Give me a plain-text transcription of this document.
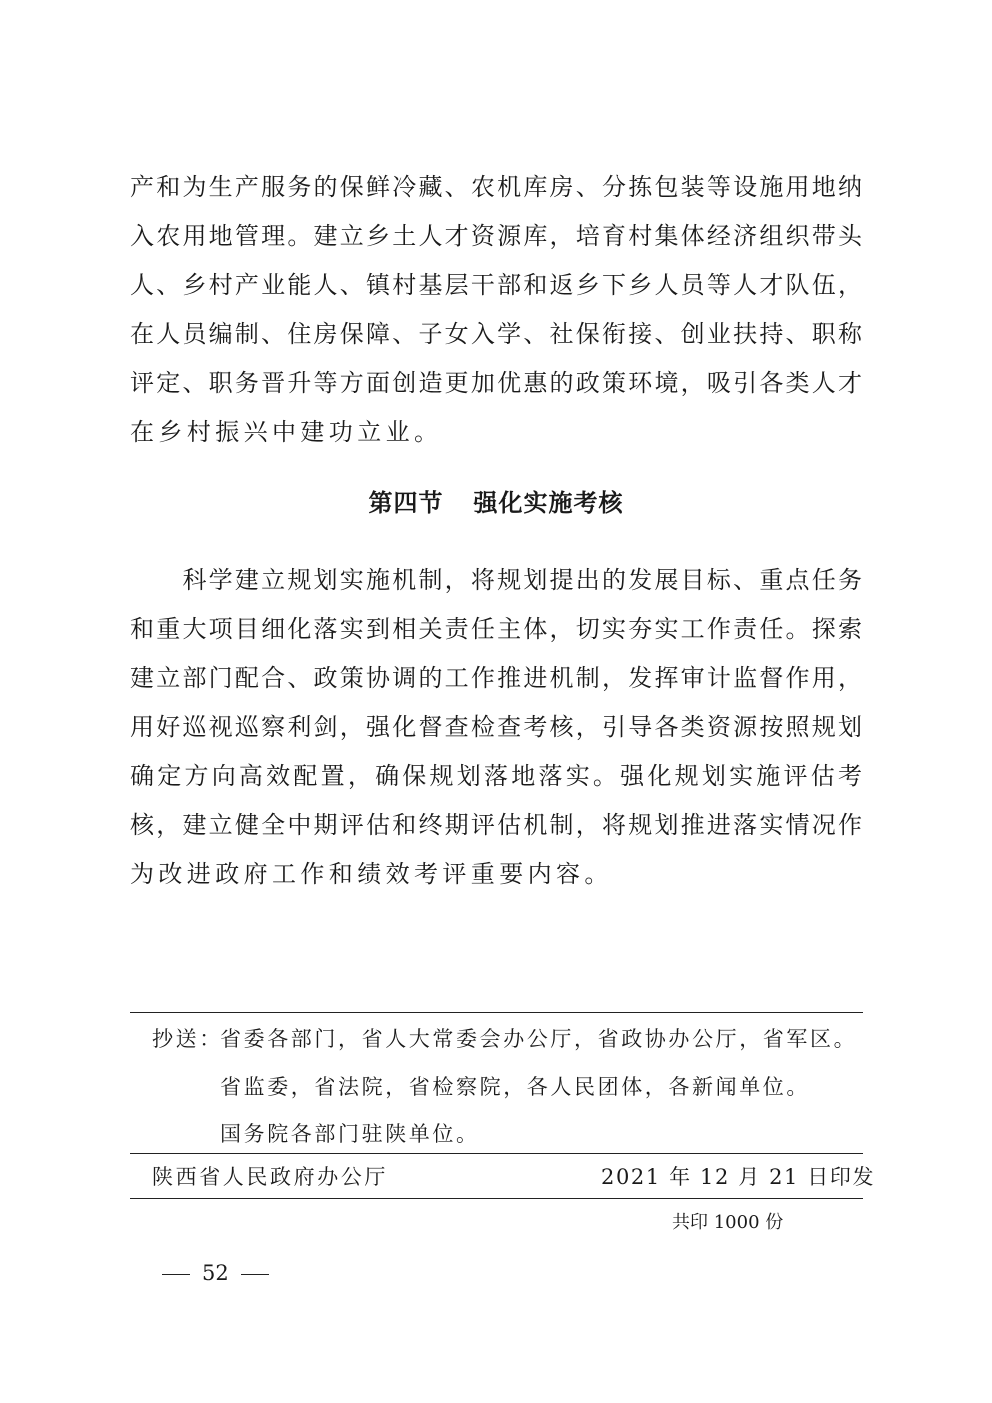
产和为生产服务的保鲜冷藏、农机库房、分拣包装等设施用地纳
入农用地管理。建立乡土人才资源库，培育村集体经济组织带头
人、乡村产业能人、镇村基层干部和返乡下乡人员等人才队伍，
在人员编制、住房保障、子女入学、社保衔接、创业扶持、职称
评定、职务晋升等方面创造更加优惠的政策环境，吸引各类人才
在乡村振兴中建功立业。
第四节 强化实施考核
　　科学建立规划实施机制，将规划提出的发展目标、重点任务
和重大项目细化落实到相关责任主体，切实夯实工作责任。探索
建立部门配合、政策协调的工作推进机制，发挥审计监督作用，
用好巡视巡察利剑，强化督查检查考核，引导各类资源按照规划
确定方向高效配置，确保规划落地落实。强化规划实施评估考
核，建立健全中期评估和终期评估机制，将规划推进落实情况作
为改进政府工作和绩效考评重要内容。
抄送：
省委各部门，省人大常委会办公厅，省政协办公厅，省军区。
省监委，省法院，省检察院，各人民团体，各新闻单位。
国务院各部门驻陕单位。
陕西省人民政府办公厅	2021 年 12 月 21 日印发
共印 1000 份
52
